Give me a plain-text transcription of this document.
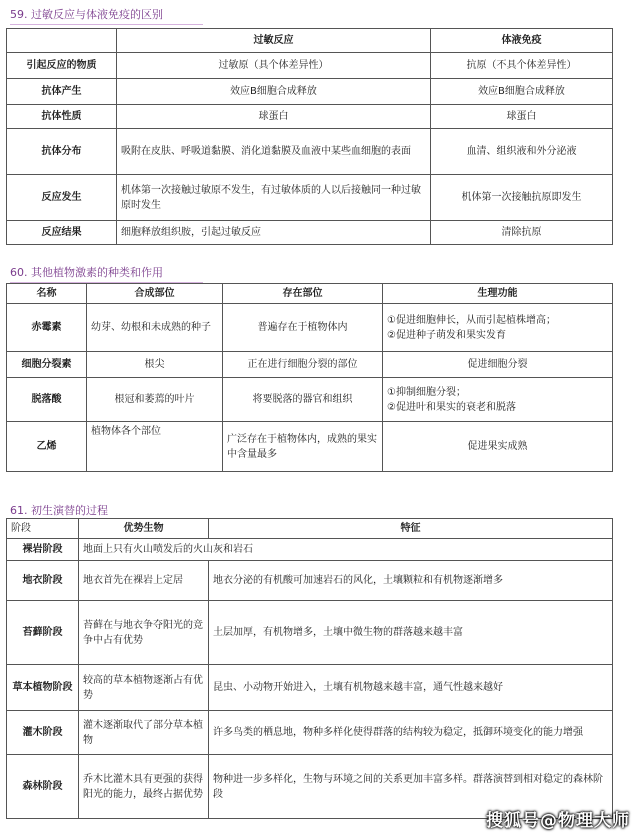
59. 过敏反应与体液免疫的区别
	过敏反应	体液免疫
引起反应的物质	过敏原（具个体差异性）	抗原（不具个体差异性）
抗体产生	效应B细胞合成释放	效应B细胞合成释放
抗体性质	球蛋白	球蛋白
抗体分布	吸附在皮肤、呼吸道黏膜、消化道黏膜及血液中某些血细胞的表面	血清、组织液和外分泌液
反应发生	机体第一次接触过敏原不发生，有过敏体质的人以后接触同一种过敏原时发生	机体第一次接触抗原即发生
反应结果	细胞释放组织胺，引起过敏反应	清除抗原
60. 其他植物激素的种类和作用
名称	合成部位	存在部位	生理功能
赤霉素	幼芽、幼根和未成熟的种子	普遍存在于植物体内	①促进细胞伸长，从而引起植株增高；
②促进种子萌发和果实发育
细胞分裂素	根尖	正在进行细胞分裂的部位	促进细胞分裂
脱落酸	根冠和萎蔫的叶片	将要脱落的器官和组织	①抑制细胞分裂；
②促进叶和果实的衰老和脱落
乙烯	植物体各个部位	广泛存在于植物体内，成熟的果实中含量最多	促进果实成熟
61. 初生演替的过程
阶段	优势生物	特征
裸岩阶段	地面上只有火山喷发后的火山灰和岩石	
地衣阶段	地衣首先在裸岩上定居	地衣分泌的有机酸可加速岩石的风化，土壤颗粒和有机物逐渐增多
苔藓阶段	苔藓在与地衣争夺阳光的竞争中占有优势	土层加厚，有机物增多，土壤中微生物的群落越来越丰富
草本植物阶段	较高的草本植物逐渐占有优势	昆虫、小动物开始进入，土壤有机物越来越丰富，通气性越来越好
灌木阶段	灌木逐渐取代了部分草本植物	许多鸟类的栖息地，物种多样化使得群落的结构较为稳定，抵御环境变化的能力增强
森林阶段	乔木比灌木具有更强的获得阳光的能力，最终占据优势	物种进一步多样化，生物与环境之间的关系更加丰富多样。群落演替到相对稳定的森林阶段
搜狐号@物理大师
